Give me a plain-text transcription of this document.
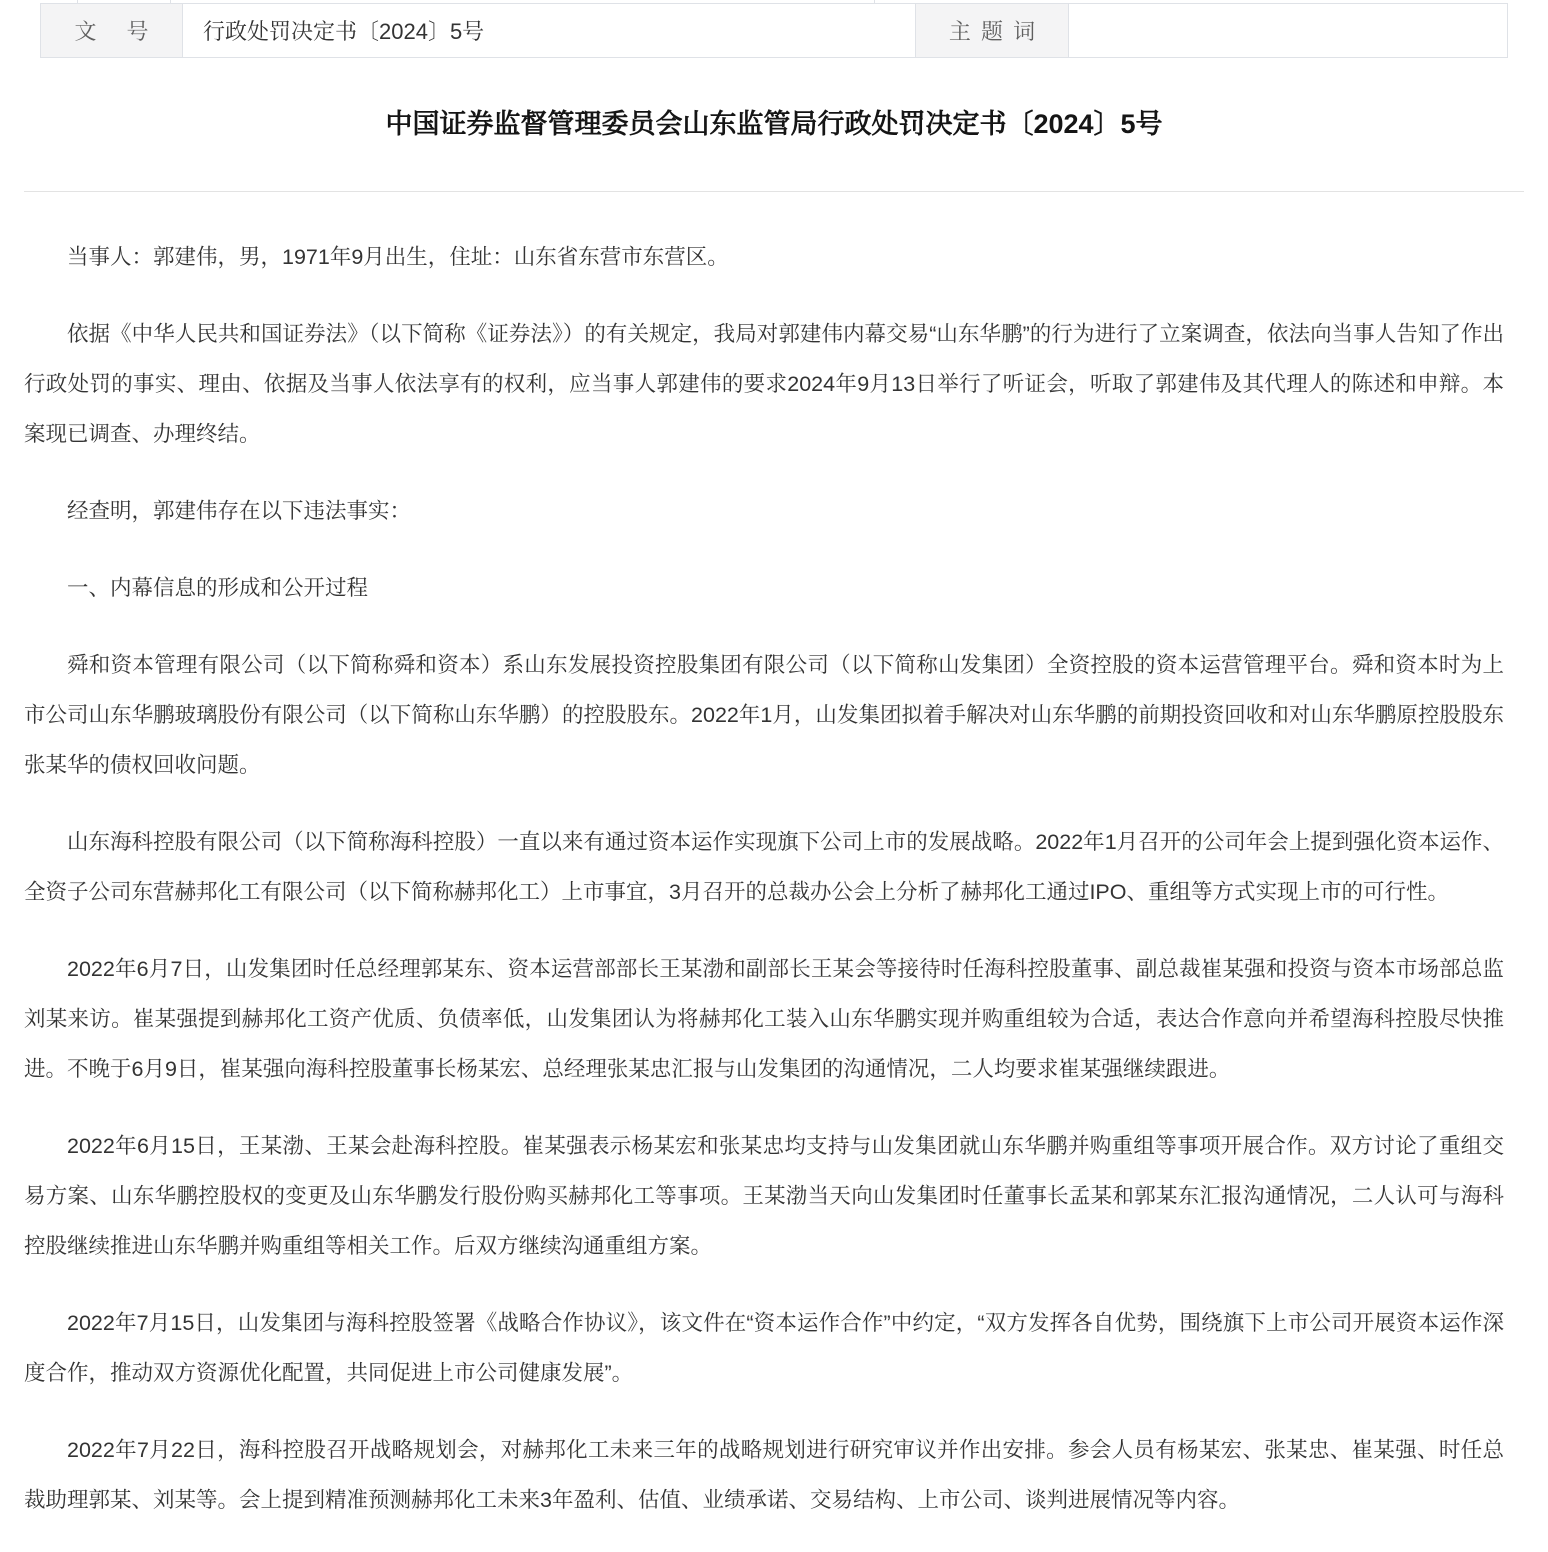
文　号 行政处罚决定书〔2024〕5号	主 题 词
中国证券监督管理委员会山东监管局行政处罚决定书〔2024〕5号

当事人：郭建伟，男，1971年9月出生，住址：山东省东营市东营区。

依据《中华人民共和国证券法》（以下简称《证券法》）的有关规定，我局对郭建伟内幕交易“山东华鹏”的行为进行了立案调查，依法向当事人告知了作出行政处罚的事实、理由、依据及当事人依法享有的权利，应当事人郭建伟的要求2024年9月13日举行了听证会，听取了郭建伟及其代理人的陈述和申辩。本案现已调查、办理终结。

经查明，郭建伟存在以下违法事实：

一、内幕信息的形成和公开过程

舜和资本管理有限公司（以下简称舜和资本）系山东发展投资控股集团有限公司（以下简称山发集团）全资控股的资本运营管理平台。舜和资本时为上市公司山东华鹏玻璃股份有限公司（以下简称山东华鹏）的控股股东。2022年1月，山发集团拟着手解决对山东华鹏的前期投资回收和对山东华鹏原控股股东张某华的债权回收问题。

山东海科控股有限公司（以下简称海科控股）一直以来有通过资本运作实现旗下公司上市的发展战略。2022年1月召开的公司年会上提到强化资本运作、全资子公司东营赫邦化工有限公司（以下简称赫邦化工）上市事宜，3月召开的总裁办公会上分析了赫邦化工通过IPO、重组等方式实现上市的可行性。

2022年6月7日，山发集团时任总经理郭某东、资本运营部部长王某渤和副部长王某会等接待时任海科控股董事、副总裁崔某强和投资与资本市场部总监刘某来访。崔某强提到赫邦化工资产优质、负债率低，山发集团认为将赫邦化工装入山东华鹏实现并购重组较为合适，表达合作意向并希望海科控股尽快推进。不晚于6月9日，崔某强向海科控股董事长杨某宏、总经理张某忠汇报与山发集团的沟通情况，二人均要求崔某强继续跟进。

2022年6月15日，王某渤、王某会赴海科控股。崔某强表示杨某宏和张某忠均支持与山发集团就山东华鹏并购重组等事项开展合作。双方讨论了重组交易方案、山东华鹏控股权的变更及山东华鹏发行股份购买赫邦化工等事项。王某渤当天向山发集团时任董事长孟某和郭某东汇报沟通情况，二人认可与海科控股继续推进山东华鹏并购重组等相关工作。后双方继续沟通重组方案。

2022年7月15日，山发集团与海科控股签署《战略合作协议》，该文件在“资本运作合作”中约定，“双方发挥各自优势，围绕旗下上市公司开展资本运作深度合作，推动双方资源优化配置，共同促进上市公司健康发展”。

2022年7月22日，海科控股召开战略规划会，对赫邦化工未来三年的战略规划进行研究审议并作出安排。参会人员有杨某宏、张某忠、崔某强、时任总裁助理郭某、刘某等。会上提到精准预测赫邦化工未来3年盈利、估值、业绩承诺、交易结构、上市公司、谈判进展情况等内容。
